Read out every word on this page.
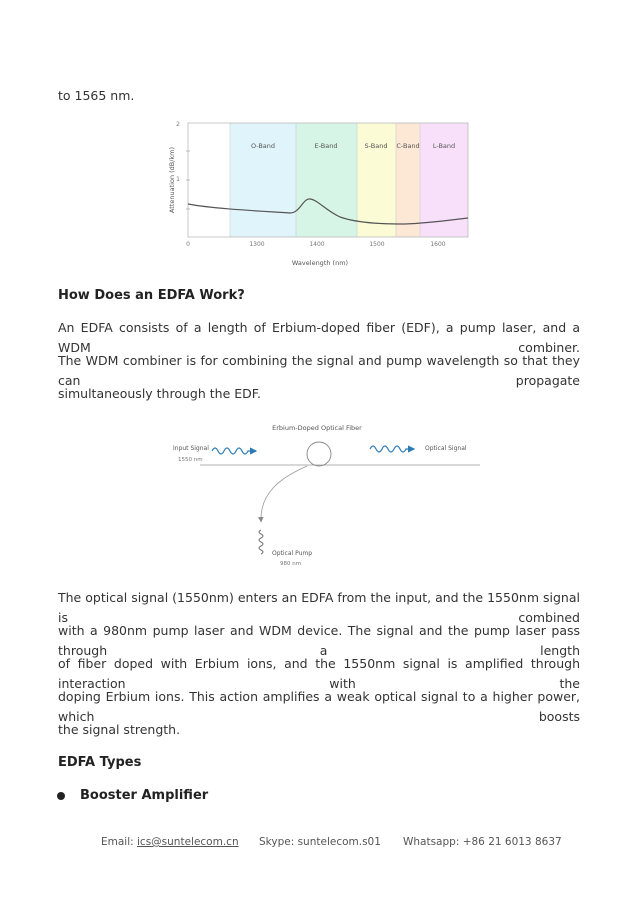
to 1565 nm.
O-Band	E-Band	S-Band C-Band L-Band
2
1
0	1300	1400	1500	1600
Wavelength (nm)
Attenuation (dB/km)
How Does an EDFA Work?
An EDFA consists of a length of Erbium-doped fiber (EDF), a pump laser, and a WDM combiner.
The WDM combiner is for combining the signal and pump wavelength so that they can propagate
simultaneously through the EDF.
Erbium-Doped Optical Fiber
Input Signal
1550 nm
Optical Signal
Optical Pump
980 nm
The optical signal (1550nm) enters an EDFA from the input, and the 1550nm signal is combined
with a 980nm pump laser and WDM device. The signal and the pump laser pass through a length
of fiber doped with Erbium ions, and the 1550nm signal is amplified through interaction with the
doping Erbium ions. This action amplifies a weak optical signal to a higher power, which boosts
the signal strength.
EDFA Types
Booster Amplifier
Email: ics@suntelecom.cn Skype: suntelecom.s01 Whatsapp: +86 21 6013 8637
